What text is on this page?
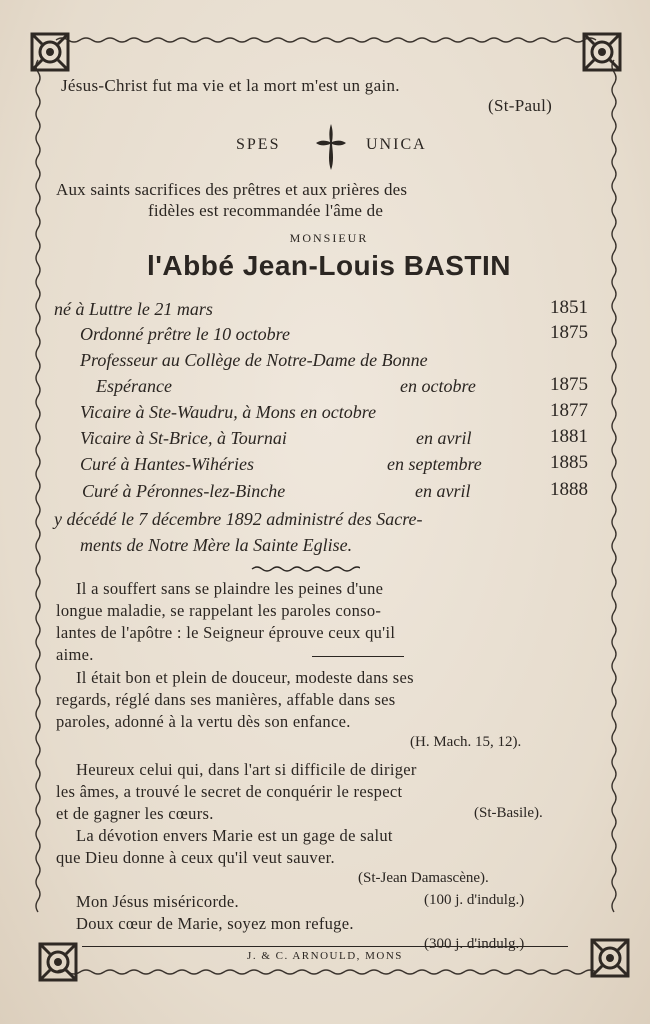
Jésus-Christ fut ma vie et la mort m'est un gain.
(St-Paul)
SPES	UNICA
Aux saints sacrifices des prêtres et aux prières des
fidèles est recommandée l'âme de
MONSIEUR
l'Abbé Jean-Louis BASTIN
né à Luttre le 21 mars	1851
Ordonné prêtre le 10 octobre	1875
Professeur au Collège de Notre-Dame de Bonne
Espérance	en octobre	1875
Vicaire à Ste-Waudru, à Mons en octobre	1877
Vicaire à St-Brice, à Tournai	en avril	1881
Curé à Hantes-Wihéries	en septembre	1885
Curé à Péronnes-lez-Binche	en avril	1888
y décédé le 7 décembre 1892 administré des Sacre-
ments de Notre Mère la Sainte Eglise.
Il a souffert sans se plaindre les peines d'une
longue maladie, se rappelant les paroles conso-
lantes de l'apôtre : le Seigneur éprouve ceux qu'il
aime.
Il était bon et plein de douceur, modeste dans ses
regards, réglé dans ses manières, affable dans ses
paroles, adonné à la vertu dès son enfance.
(H. Mach. 15, 12).
Heureux celui qui, dans l'art si difficile de diriger
les âmes, a trouvé le secret de conquérir le respect
et de gagner les cœurs.	(St-Basile).
La dévotion envers Marie est un gage de salut
que Dieu donne à ceux qu'il veut sauver.
(St-Jean Damascène).
Mon Jésus miséricorde.	(100 j. d'indulg.)
Doux cœur de Marie, soyez mon refuge.
(300 j. d'indulg.)
J. & C. ARNOULD, MONS
